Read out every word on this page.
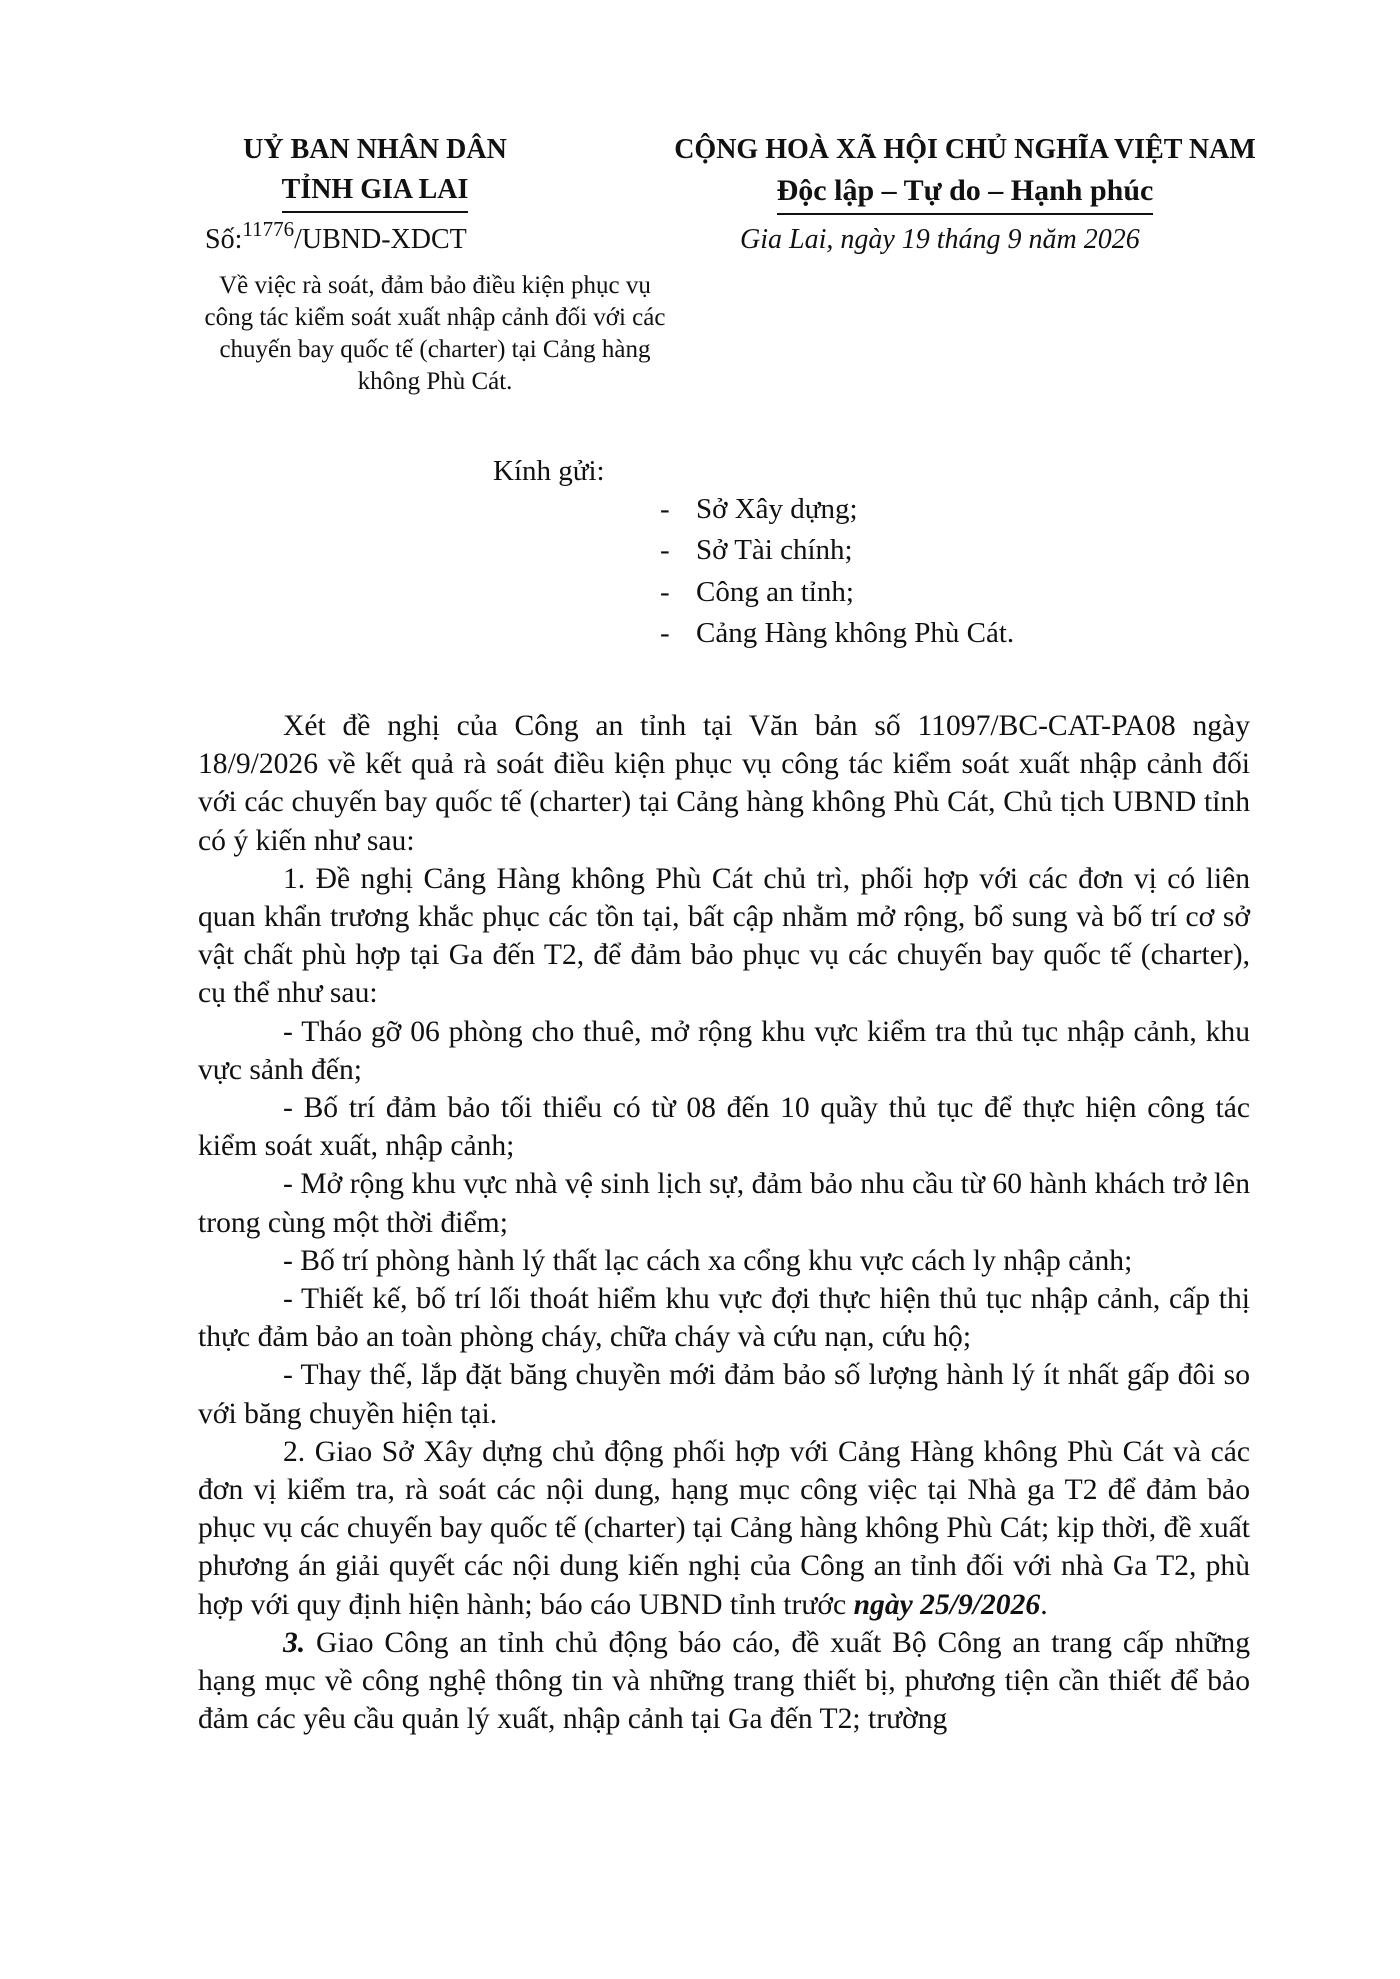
UỶ BAN NHÂN DÂN
TỈNH GIA LAI
CỘNG HOÀ XÃ HỘI CHỦ NGHĨA VIỆT NAM
Độc lập – Tự do – Hạnh phúc
Số:$^{11776}$/UBND-XDCT	Gia Lai, ngày 19 tháng 9 năm 2026
Về việc rà soát, đảm bảo điều kiện phục vụ công tác kiểm soát xuất nhập cảnh đối với các chuyến bay quốc tế (charter) tại Cảng hàng không Phù Cát.
Kính gửi:
- Sở Xây dựng;
- Sở Tài chính;
- Công an tỉnh;
- Cảng Hàng không Phù Cát.

Xét đề nghị của Công an tỉnh tại Văn bản số 11097/BC-CAT-PA08 ngày 18/9/2026 về kết quả rà soát điều kiện phục vụ công tác kiểm soát xuất nhập cảnh đối với các chuyến bay quốc tế (charter) tại Cảng hàng không Phù Cát, Chủ tịch UBND tỉnh có ý kiến như sau:

1. Đề nghị Cảng Hàng không Phù Cát chủ trì, phối hợp với các đơn vị có liên quan khẩn trương khắc phục các tồn tại, bất cập nhằm mở rộng, bổ sung và bố trí cơ sở vật chất phù hợp tại Ga đến T2, để đảm bảo phục vụ các chuyến bay quốc tế (charter), cụ thể như sau:

- Tháo gỡ 06 phòng cho thuê, mở rộng khu vực kiểm tra thủ tục nhập cảnh, khu vực sảnh đến;

- Bố trí đảm bảo tối thiểu có từ 08 đến 10 quầy thủ tục để thực hiện công tác kiểm soát xuất, nhập cảnh;

- Mở rộng khu vực nhà vệ sinh lịch sự, đảm bảo nhu cầu từ 60 hành khách trở lên trong cùng một thời điểm;

- Bố trí phòng hành lý thất lạc cách xa cổng khu vực cách ly nhập cảnh;

- Thiết kế, bố trí lối thoát hiểm khu vực đợi thực hiện thủ tục nhập cảnh, cấp thị thực đảm bảo an toàn phòng cháy, chữa cháy và cứu nạn, cứu hộ;

- Thay thế, lắp đặt băng chuyền mới đảm bảo số lượng hành lý ít nhất gấp đôi so với băng chuyền hiện tại.

2. Giao Sở Xây dựng chủ động phối hợp với Cảng Hàng không Phù Cát và các đơn vị kiểm tra, rà soát các nội dung, hạng mục công việc tại Nhà ga T2 để đảm bảo phục vụ các chuyến bay quốc tế (charter) tại Cảng hàng không Phù Cát; kịp thời, đề xuất phương án giải quyết các nội dung kiến nghị của Công an tỉnh đối với nhà Ga T2, phù hợp với quy định hiện hành; báo cáo UBND tỉnh trước ngày 25/9/2026.

3. Giao Công an tỉnh chủ động báo cáo, đề xuất Bộ Công an trang cấp những hạng mục về công nghệ thông tin và những trang thiết bị, phương tiện cần thiết để bảo đảm các yêu cầu quản lý xuất, nhập cảnh tại Ga đến T2; trường
